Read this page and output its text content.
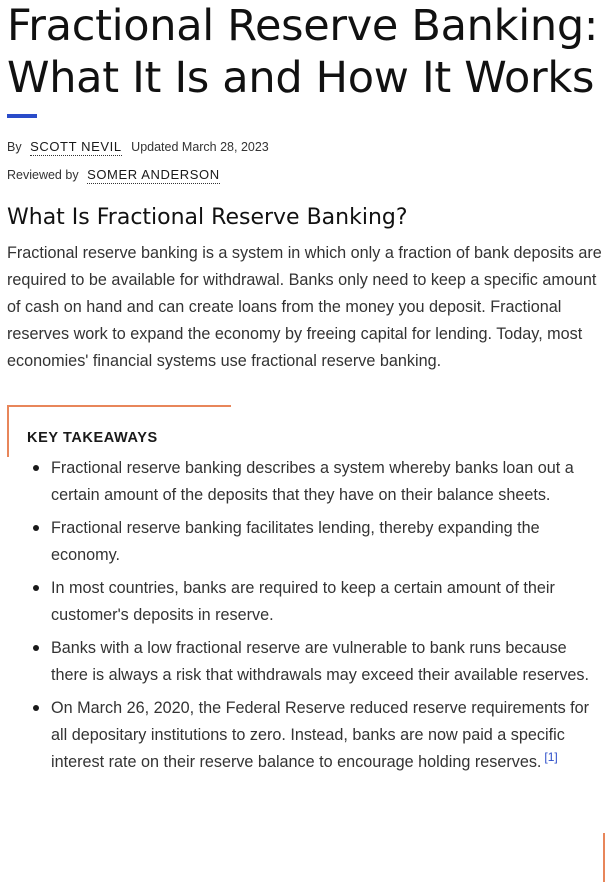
Fractional Reserve Banking: What It Is and How It Works
By SCOTT NEVIL Updated March 28, 2023
Reviewed by SOMER ANDERSON
What Is Fractional Reserve Banking?

Fractional reserve banking is a system in which only a fraction of bank deposits are required to be available for withdrawal. Banks only need to keep a specific amount of cash on hand and can create loans from the money you deposit. Fractional reserves work to expand the economy by freeing capital for lending. Today, most economies' financial systems use fractional reserve banking.

KEY TAKEAWAYS
Fractional reserve banking describes a system whereby banks loan out a certain amount of the deposits that they have on their balance sheets.
Fractional reserve banking facilitates lending, thereby expanding the economy.
In most countries, banks are required to keep a certain amount of their customer's deposits in reserve.
Banks with a low fractional reserve are vulnerable to bank runs because there is always a risk that withdrawals may exceed their available reserves.
On March 26, 2020, the Federal Reserve reduced reserve requirements for all depositary institutions to zero. Instead, banks are now paid a specific interest rate on their reserve balance to encourage holding reserves. [1]
